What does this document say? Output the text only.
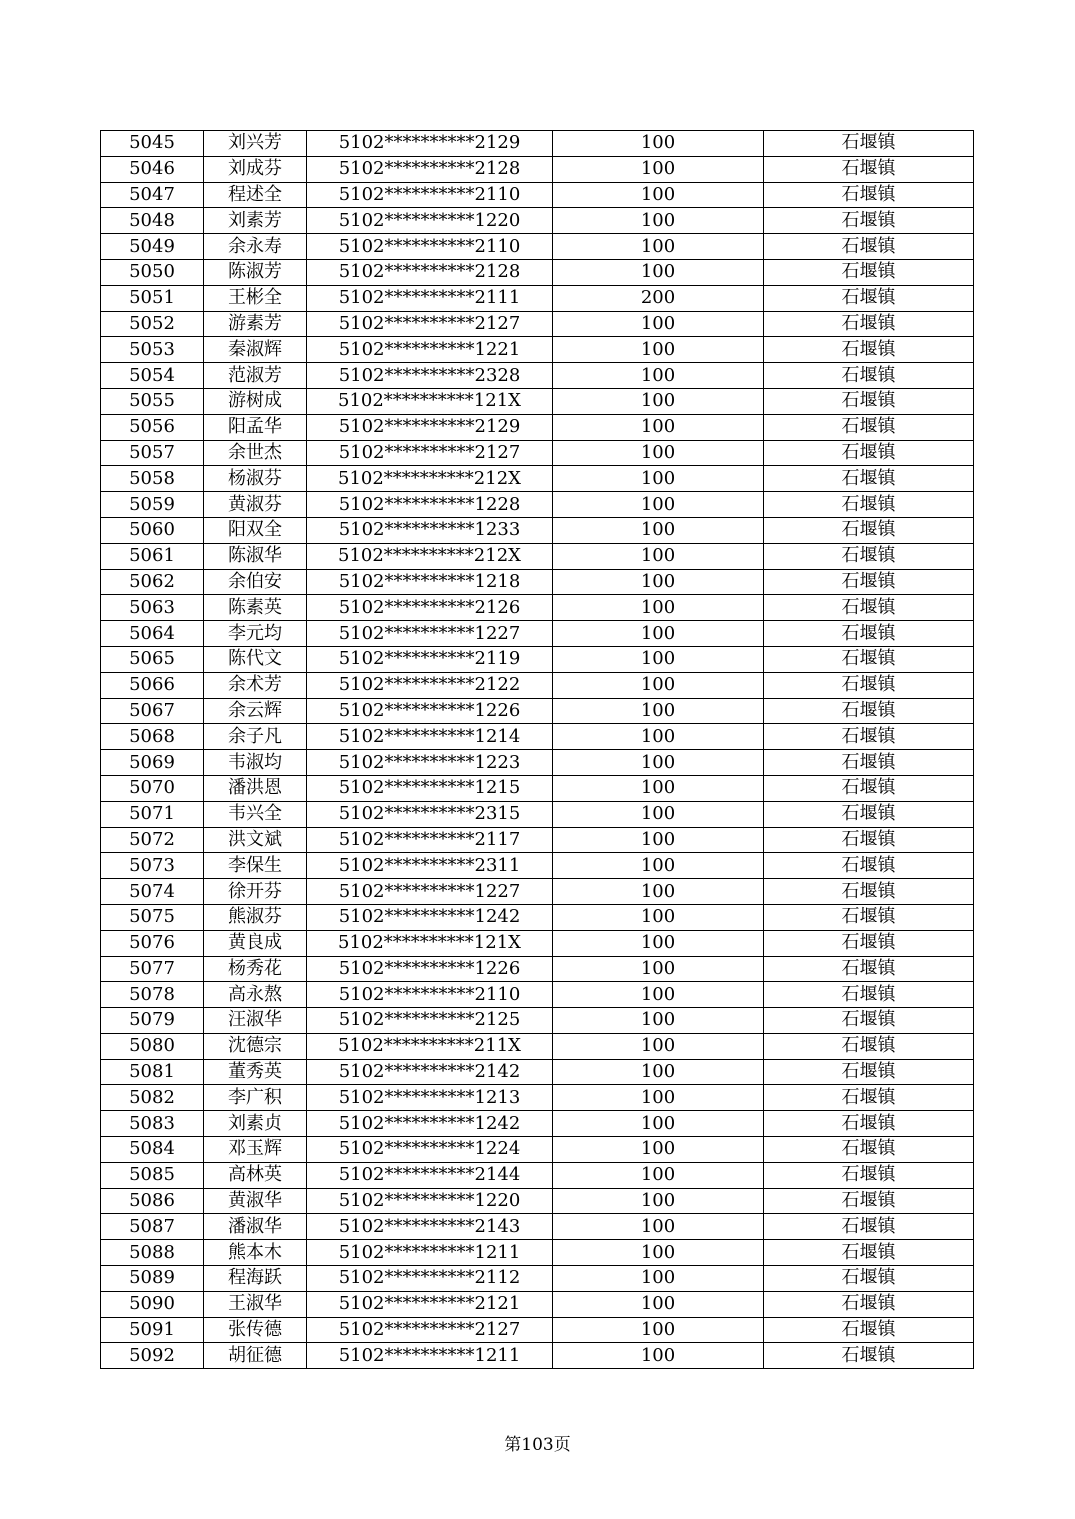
5045	刘兴芳	5102**********2129	100	石堰镇
5046	刘成芬	5102**********2128	100	石堰镇
5047	程述全	5102**********2110	100	石堰镇
5048	刘素芳	5102**********1220	100	石堰镇
5049	余永寿	5102**********2110	100	石堰镇
5050	陈淑芳	5102**********2128	100	石堰镇
5051	王彬全	5102**********2111	200	石堰镇
5052	游素芳	5102**********2127	100	石堰镇
5053	秦淑辉	5102**********1221	100	石堰镇
5054	范淑芳	5102**********2328	100	石堰镇
5055	游树成	5102**********121X	100	石堰镇
5056	阳孟华	5102**********2129	100	石堰镇
5057	余世杰	5102**********2127	100	石堰镇
5058	杨淑芬	5102**********212X	100	石堰镇
5059	黄淑芬	5102**********1228	100	石堰镇
5060	阳双全	5102**********1233	100	石堰镇
5061	陈淑华	5102**********212X	100	石堰镇
5062	余伯安	5102**********1218	100	石堰镇
5063	陈素英	5102**********2126	100	石堰镇
5064	李元均	5102**********1227	100	石堰镇
5065	陈代文	5102**********2119	100	石堰镇
5066	余术芳	5102**********2122	100	石堰镇
5067	余云辉	5102**********1226	100	石堰镇
5068	余子凡	5102**********1214	100	石堰镇
5069	韦淑均	5102**********1223	100	石堰镇
5070	潘洪恩	5102**********1215	100	石堰镇
5071	韦兴全	5102**********2315	100	石堰镇
5072	洪文斌	5102**********2117	100	石堰镇
5073	李保生	5102**********2311	100	石堰镇
5074	徐开芬	5102**********1227	100	石堰镇
5075	熊淑芬	5102**********1242	100	石堰镇
5076	黄良成	5102**********121X	100	石堰镇
5077	杨秀花	5102**********1226	100	石堰镇
5078	高永熬	5102**********2110	100	石堰镇
5079	汪淑华	5102**********2125	100	石堰镇
5080	沈德宗	5102**********211X	100	石堰镇
5081	董秀英	5102**********2142	100	石堰镇
5082	李广积	5102**********1213	100	石堰镇
5083	刘素贞	5102**********1242	100	石堰镇
5084	邓玉辉	5102**********1224	100	石堰镇
5085	高林英	5102**********2144	100	石堰镇
5086	黄淑华	5102**********1220	100	石堰镇
5087	潘淑华	5102**********2143	100	石堰镇
5088	熊本木	5102**********1211	100	石堰镇
5089	程海跃	5102**********2112	100	石堰镇
5090	王淑华	5102**********2121	100	石堰镇
5091	张传德	5102**********2127	100	石堰镇
5092	胡征德	5102**********1211	100	石堰镇
第103页
